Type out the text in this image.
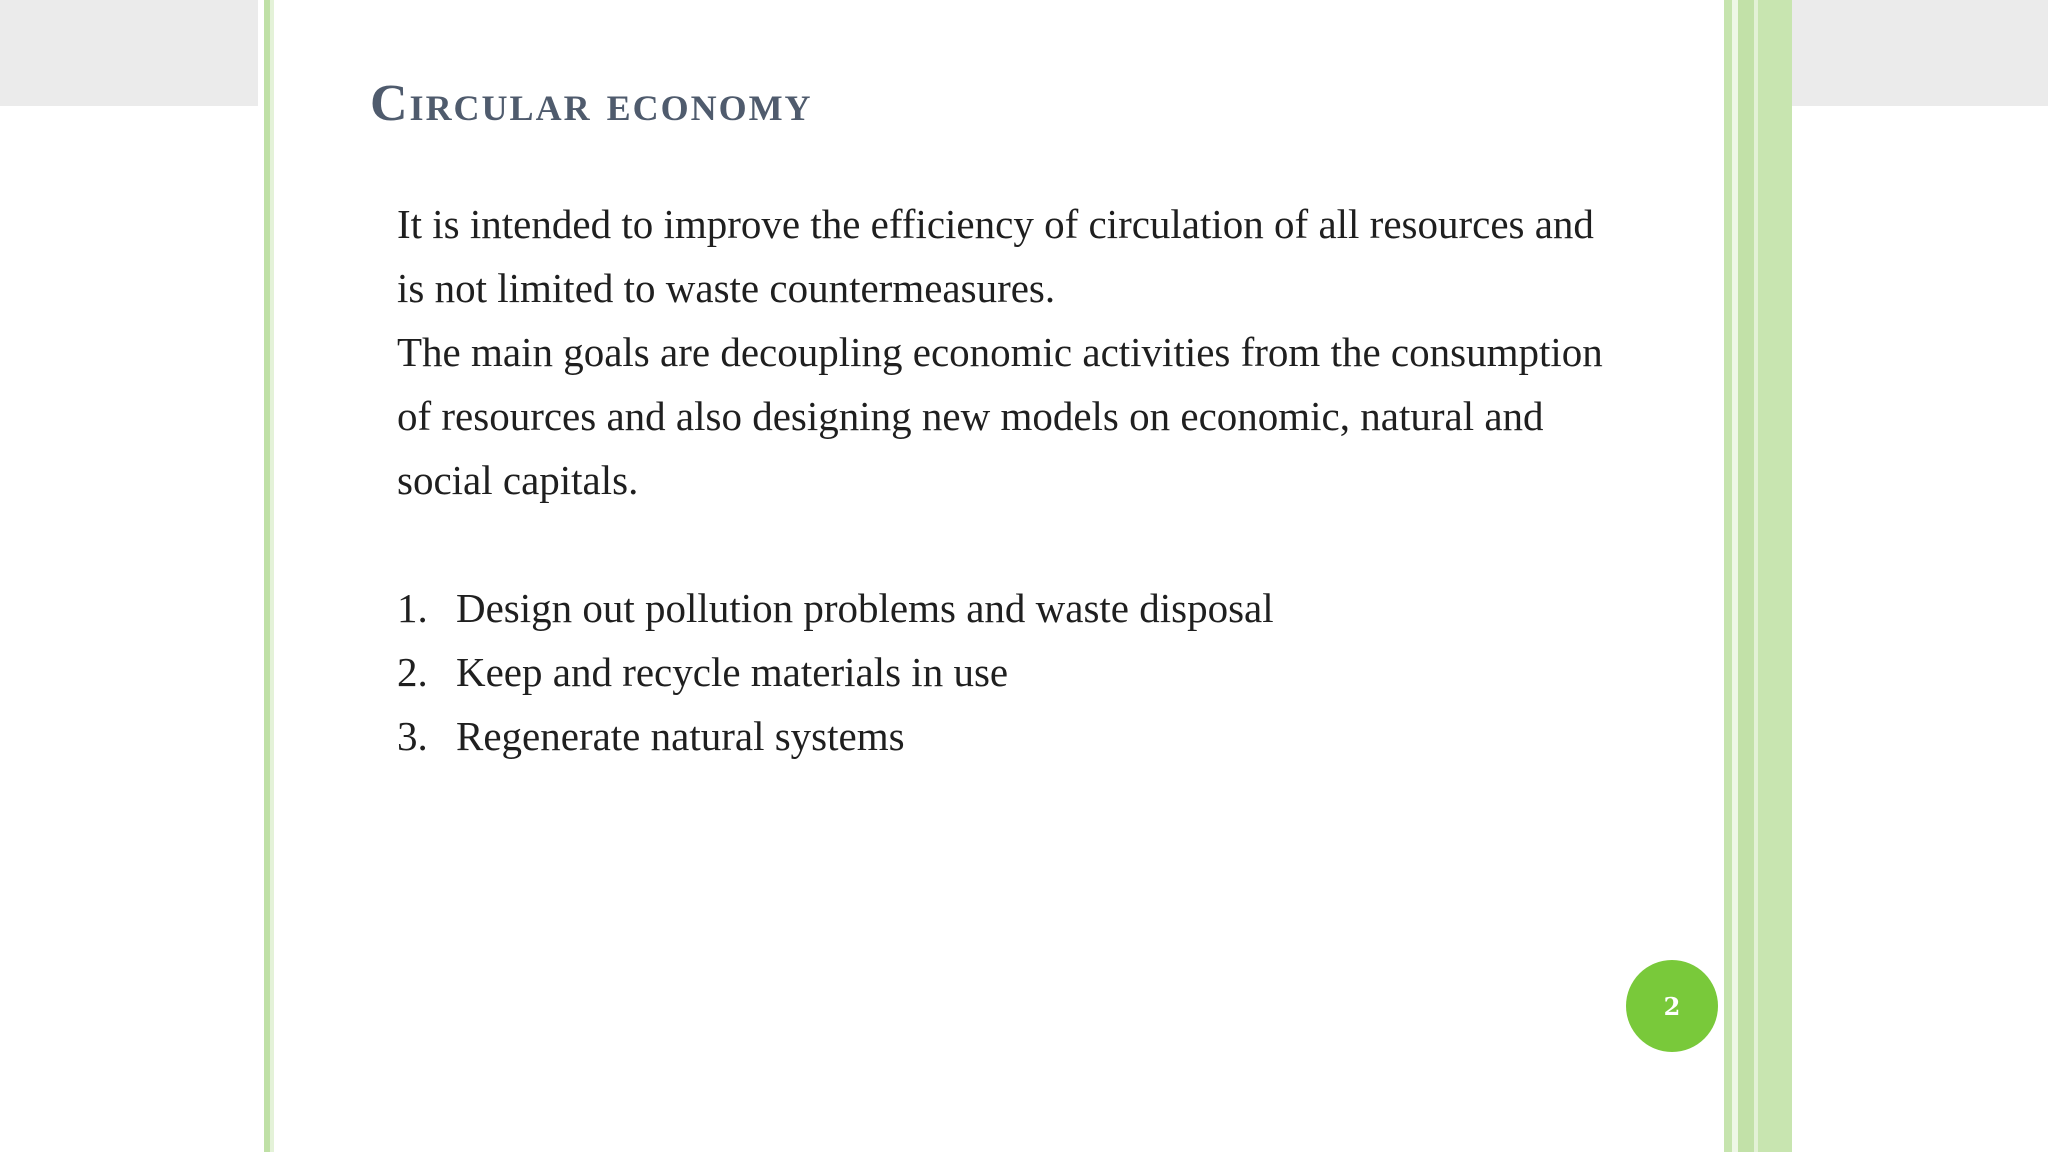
Circular economy

It is intended to improve the efficiency of circulation of all resources and is not limited to waste countermeasures.

The main goals are decoupling economic activities from the consumption of resources and also designing new models on economic, natural and social capitals.

1. Design out pollution problems and waste disposal
2. Keep and recycle materials in use
3. Regenerate natural systems
2
